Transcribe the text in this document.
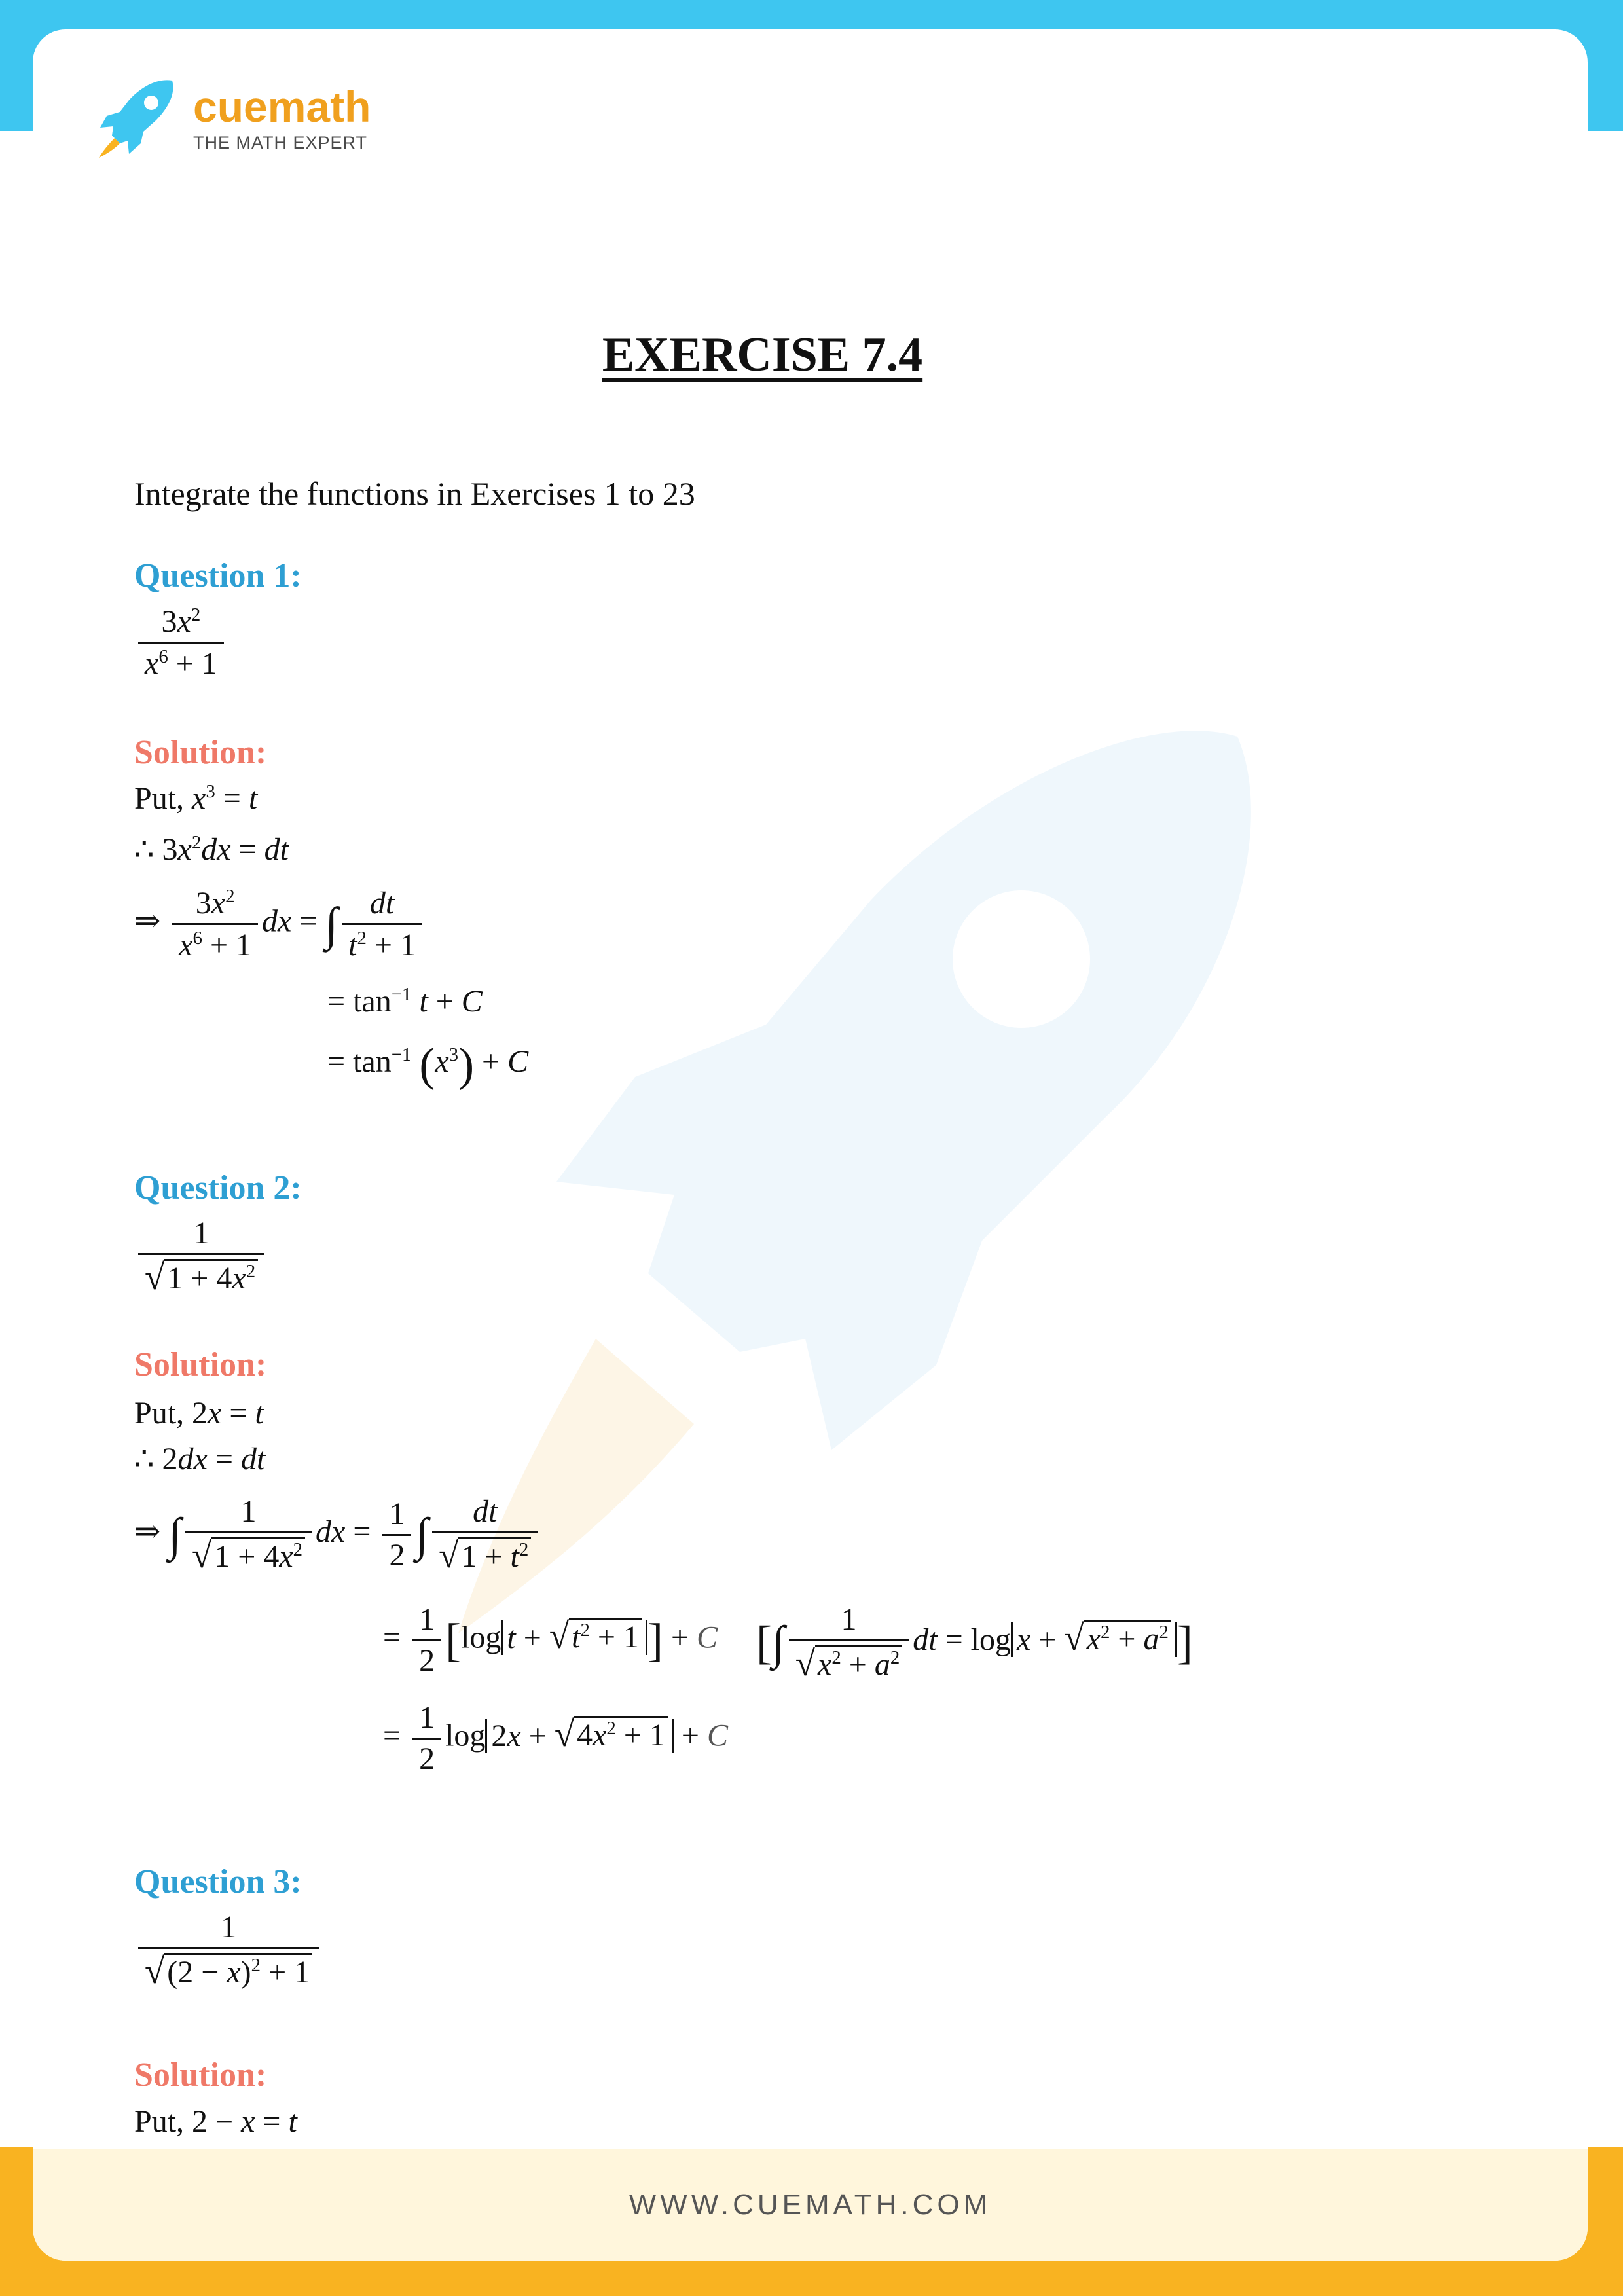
cuemath
THE MATH EXPERT
EXERCISE 7.4
Integrate the functions in Exercises 1 to 23
Question 1:
$\frac{3x^2}{x^6 + 1}$
Solution:
Put, $x^3 = t$
∴ $3x^2dx$ = dt
⇒ $\frac{3x^2}{x^6 + 1}$ dx = ∫ $\frac{dt}{t^2 + 1}$
= $\tan^{-1} t + C$
= $\tan^{-1} (x^3) + C$
Question 2:
$\frac{1}{√ 1 + 4x^2}$
Solution:
Put, 2x = t
∴ 2dx = dt
⇒ ∫ $\frac{1}{√ 1 + 4x^2}$ dx = $\frac{1}{2}$ ∫ $\frac{dt}{√ 1 + t^2}$
= $\frac{1}{2} [\log$ t + √ $t^2 + 1$ ] + C [∫ $\frac{1}{√ x^2 + a^2}$ dt = log x + √ $x^2 + a^2$ ]
= $\frac{1}{2}$ log 2x + √ $4x^2 + 1 + C$
Question 3:
$\frac{1}{√ (2 - x)^2 + 1}$
Solution:
Put, 2 − x = t
WWW.CUEMATH.COM
